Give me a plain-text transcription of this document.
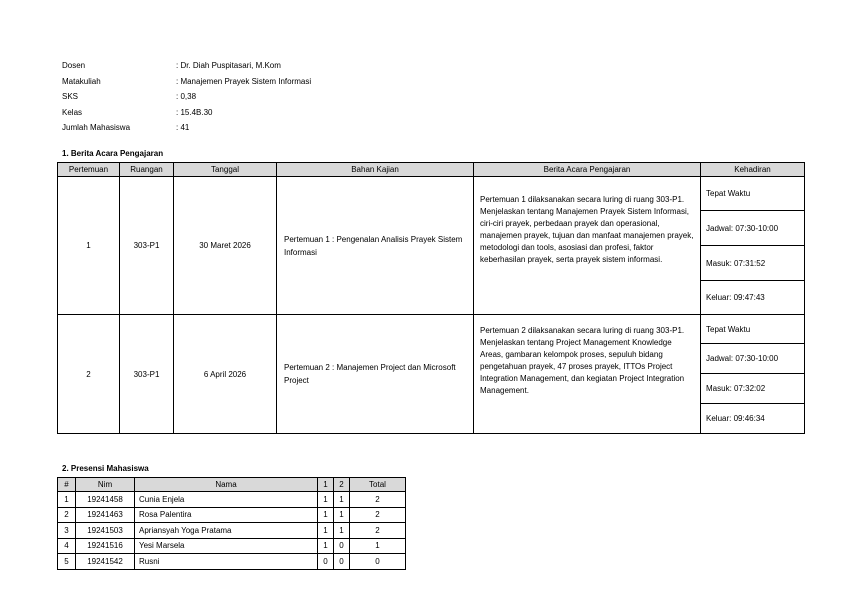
Dosen	: Dr. Diah Puspitasari, M.Kom
Matakuliah	: Manajemen Prayek Sistem Informasi
SKS	: 0,38
Kelas	: 15.4B.30
Jumlah Mahasiswa	: 41
1. Berita Acara Pengajaran
Pertemuan	Ruangan	Tanggal	Bahan Kajian	Berita Acara Pengajaran	Kehadiran
1	303-P1	30 Maret 2026	Pertemuan 1 : Pengenalan Analisis Prayek Sistem Informasi	Pertemuan 1 dilaksanakan secara luring di ruang 303-P1. Menjelaskan tentang Manajemen Prayek Sistem Informasi, ciri-ciri prayek, perbedaan prayek dan operasional, manajemen prayek, tujuan dan manfaat manajemen prayek, metodologi dan tools, asosiasi dan profesi, faktor keberhasilan prayek, serta prayek sistem informasi.	Tepat Waktu
					Jadwal: 07:30-10:00
					Masuk: 07:31:52
					Keluar: 09:47:43
2	303-P1	6 April 2026	Pertemuan 2 : Manajemen Project dan Microsoft Project	Pertemuan 2 dilaksanakan secara luring di ruang 303-P1. Menjelaskan tentang Project Management Knowledge Areas, gambaran kelompok proses, sepuluh bidang pengetahuan prayek, 47 proses prayek, ITTOs Project Integration Management, dan kegiatan Project Integration Management.	Tepat Waktu
					Jadwal: 07:30-10:00
					Masuk: 07:32:02
					Keluar: 09:46:34
2. Presensi Mahasiswa
#	Nim	Nama	1	2	Total
1	19241458	Cunia Enjela	1	1	2
2	19241463	Rosa Palentira	1	1	2
3	19241503	Apriansyah Yoga Pratama	1	1	2
4	19241516	Yesi Marsela	1	0	1
5	19241542	Rusni	0	0	0
